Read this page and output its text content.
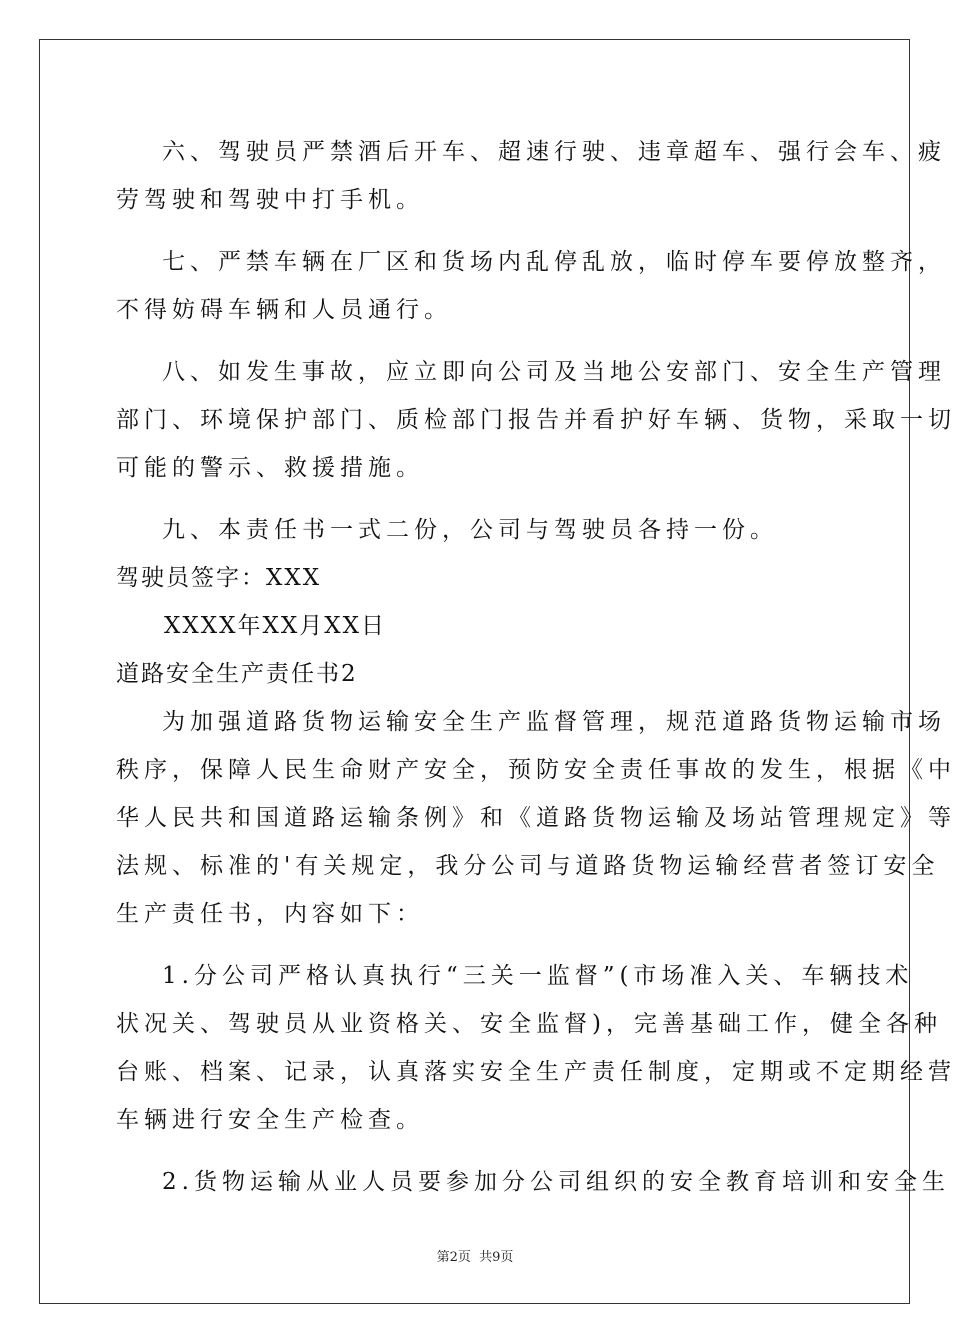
六、驾驶员严禁酒后开车、超速行驶、违章超车、强行会车、疲
劳驾驶和驾驶中打手机。
七、严禁车辆在厂区和货场内乱停乱放，临时停车要停放整齐，
不得妨碍车辆和人员通行。
八、如发生事故，应立即向公司及当地公安部门、安全生产管理
部门、环境保护部门、质检部门报告并看护好车辆、货物，采取一切
可能的警示、救援措施。
九、本责任书一式二份，公司与驾驶员各持一份。
驾驶员签字：XXX
XXXX年XX月XX日
道路安全生产责任书2
为加强道路货物运输安全生产监督管理，规范道路货物运输市场
秩序，保障人民生命财产安全，预防安全责任事故的发生，根据《中
华人民共和国道路运输条例》和《道路货物运输及场站管理规定》等
法规、标准的'有关规定，我分公司与道路货物运输经营者签订安全
生产责任书，内容如下：
1.分公司严格认真执行“三关一监督”(市场准入关、车辆技术
状况关、驾驶员从业资格关、安全监督)，完善基础工作，健全各种
台账、档案、记录，认真落实安全生产责任制度，定期或不定期经营
车辆进行安全生产检查。
2.货物运输从业人员要参加分公司组织的安全教育培训和安全生
第2页 共9页
